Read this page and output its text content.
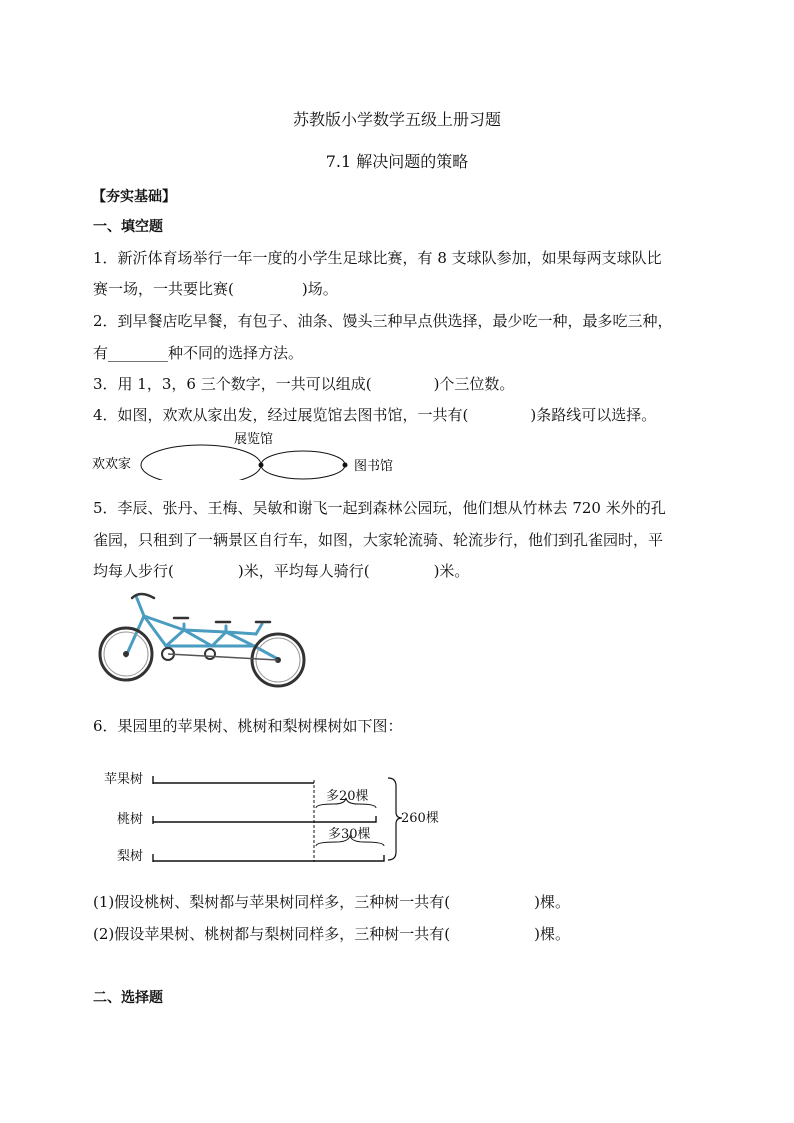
苏教版小学数学五级上册习题
7.1 解决问题的策略
【夯实基础】
一、填空题
1．新沂体育场举行一年一度的小学生足球比赛，有 8 支球队参加，如果每两支球队比
赛一场，一共要比赛(	)场。
2．到早餐店吃早餐，有包子、油条、馒头三种早点供选择，最少吃一种，最多吃三种，
有________种不同的选择方法。
3．用 1，3，6 三个数字，一共可以组成(	)个三位数。
4．如图，欢欢从家出发，经过展览馆去图书馆，一共有(	)条路线可以选择。
欢欢家
展览馆
图书馆
5．李辰、张丹、王梅、吴敏和谢飞一起到森林公园玩，他们想从竹林去 720 米外的孔
雀园，只租到了一辆景区自行车，如图，大家轮流骑、轮流步行，他们到孔雀园时，平
均每人步行(	)米，平均每人骑行(	)米。
6．果园里的苹果树、桃树和梨树棵树如下图：
苹果树
桃树
梨树
多20棵
多30棵
260棵
(1)假设桃树、梨树都与苹果树同样多，三种树一共有(	)棵。
(2)假设苹果树、桃树都与梨树同样多，三种树一共有(	)棵。
二、选择题
